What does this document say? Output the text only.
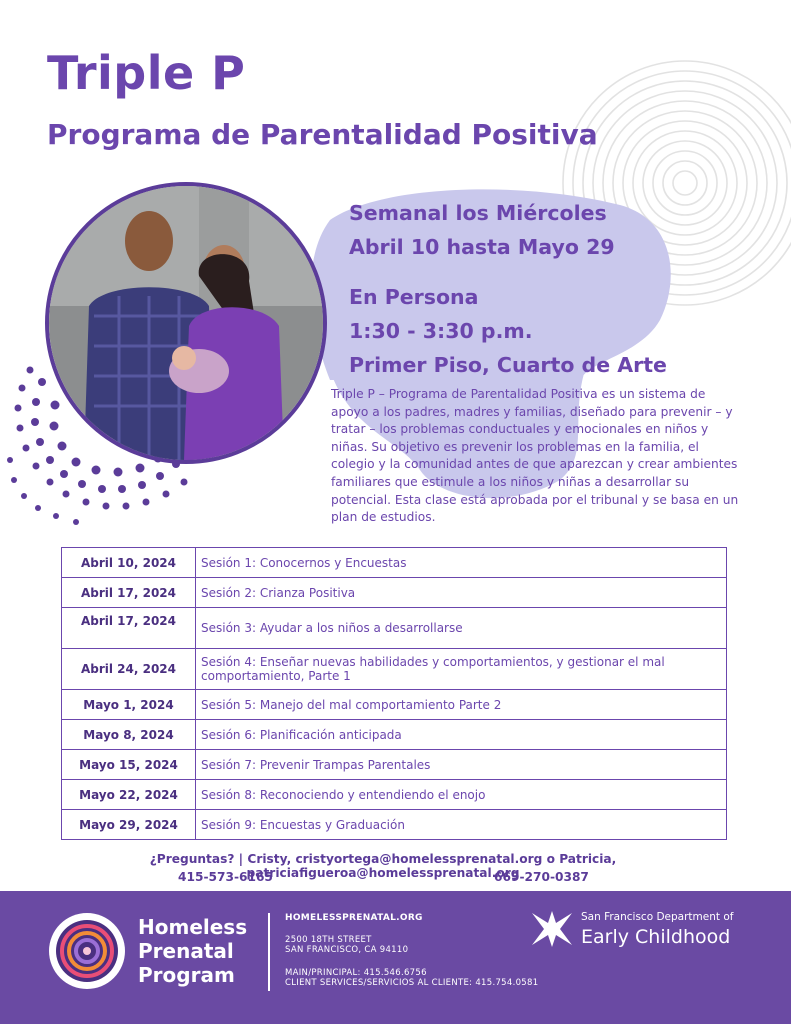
Triple P
Programa de Parentalidad Positiva
Semanal los Miércoles
Abril 10 hasta Mayo 29
En Persona
1:30 - 3:30 p.m.
Primer Piso, Cuarto de Arte

Triple P – Programa de Parentalidad Positiva es un sistema de apoyo a los padres, madres y familias, diseñado para prevenir – y tratar – los problemas conductuales y emocionales en niños y niñas. Su objetivo es prevenir los problemas en la familia, el colegio y la comunidad antes de que aparezcan y crear ambientes familiares que estimule a los niños y niñas a desarrollar su potencial. Esta clase está aprobada por el tribunal y se basa en un plan de estudios.

Abril 10, 2024	Sesión 1: Conocernos y Encuestas
Abril 17, 2024	Sesión 2: Crianza Positiva
Abril 17, 2024	Sesión 3: Ayudar a los niños a desarrollarse
Abril 24, 2024	Sesión 4: Enseñar nuevas habilidades y comportamientos, y gestionar el mal comportamiento, Parte 1
Mayo 1, 2024	Sesión 5: Manejo del mal comportamiento Parte 2
Mayo 8, 2024	Sesión 6: Planificación anticipada
Mayo 15, 2024	Sesión 7: Prevenir Trampas Parentales
Mayo 22, 2024	Sesión 8: Reconociendo y entendiendo el enojo
Mayo 29, 2024	Sesión 9: Encuestas y Graduación
¿Preguntas? | Cristy, cristyortega@homelessprenatal.org o Patricia, patriciafigueroa@homelessprenatal.org
415-573-6165	669-270-0387
Homeless
Prenatal
Program
HOMELESSPRENATAL.ORG
2500 18TH STREET
SAN FRANCISCO, CA 94110
MAIN/PRINCIPAL: 415.546.6756
CLIENT SERVICES/SERVICIOS AL CLIENTE: 415.754.0581
San Francisco Department of
Early Childhood
